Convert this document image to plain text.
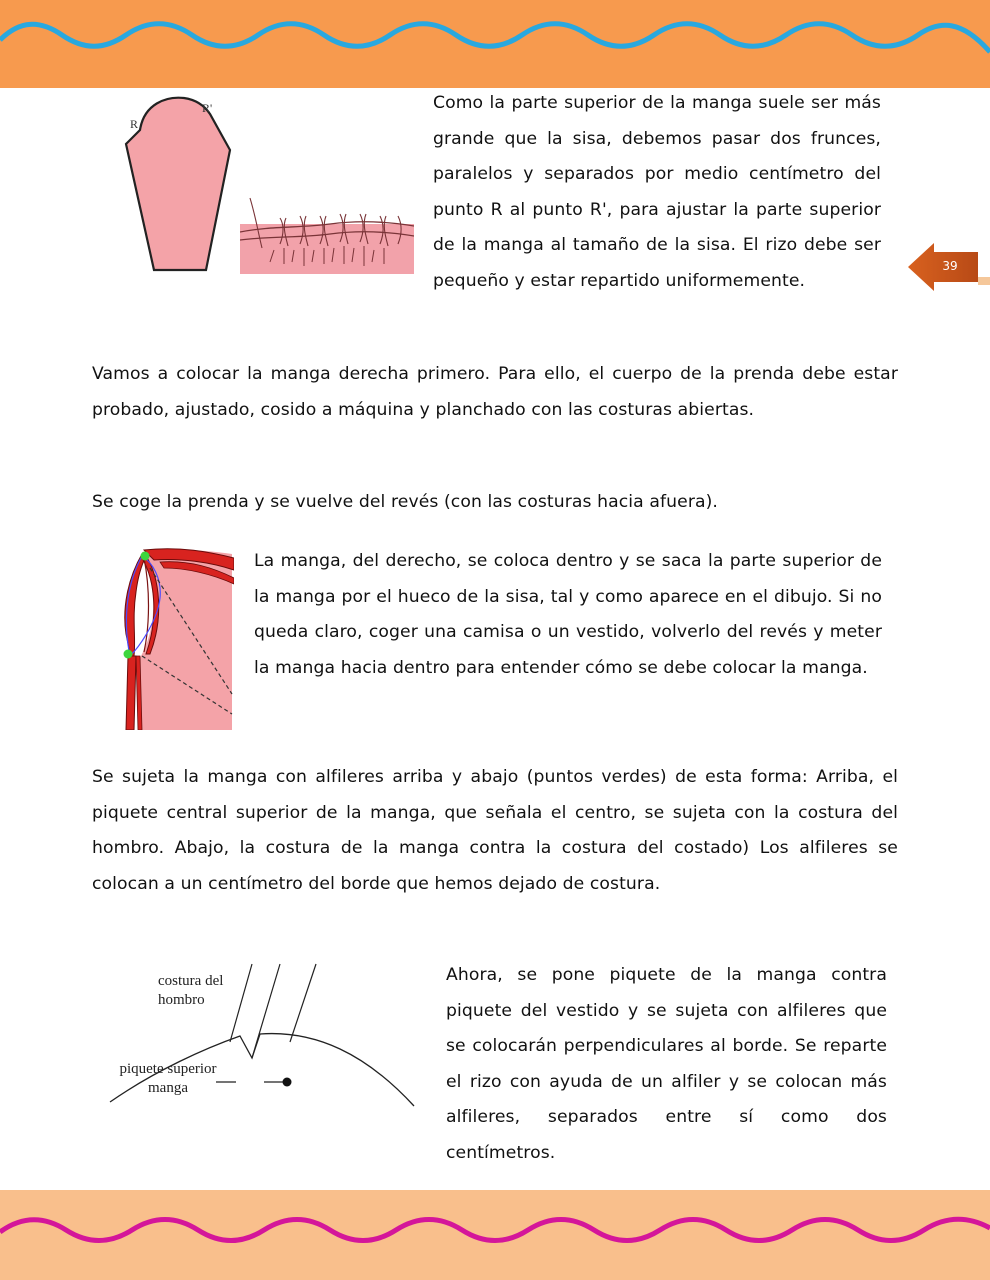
39
R
R'	Como la parte superior de la manga suele ser más grande que la sisa, debemos pasar dos frunces, paralelos y separados por medio centímetro del punto R al punto R', para ajustar la parte superior de la manga al tamaño de la sisa. El rizo debe ser pequeño y estar repartido uniformemente.

Vamos a colocar la manga derecha primero. Para ello, el cuerpo de la prenda debe estar probado, ajustado, cosido a máquina y planchado con las costuras abiertas.

Se coge la prenda y se vuelve del revés (con las costuras hacia afuera).

La manga, del derecho, se coloca dentro y se saca la parte superior de la manga por el hueco de la sisa, tal y como aparece en el dibujo. Si no queda claro, coger una camisa o un vestido, volverlo del revés y meter la manga hacia dentro para entender cómo se debe colocar la manga.

Se sujeta la manga con alfileres arriba y abajo (puntos verdes) de esta forma: Arriba, el piquete central superior de la manga, que señala el centro, se sujeta con la costura del hombro. Abajo, la costura de la manga contra la costura del costado) Los alfileres se colocan a un centímetro del borde que hemos dejado de costura.

costura del
hombro
piquete superior
manga

Ahora, se pone piquete de la manga contra piquete del vestido y se sujeta con alfileres que se colocarán perpendiculares al borde. Se reparte el rizo con ayuda de un alfiler y se colocan más alfileres, separados entre sí como dos centímetros.
